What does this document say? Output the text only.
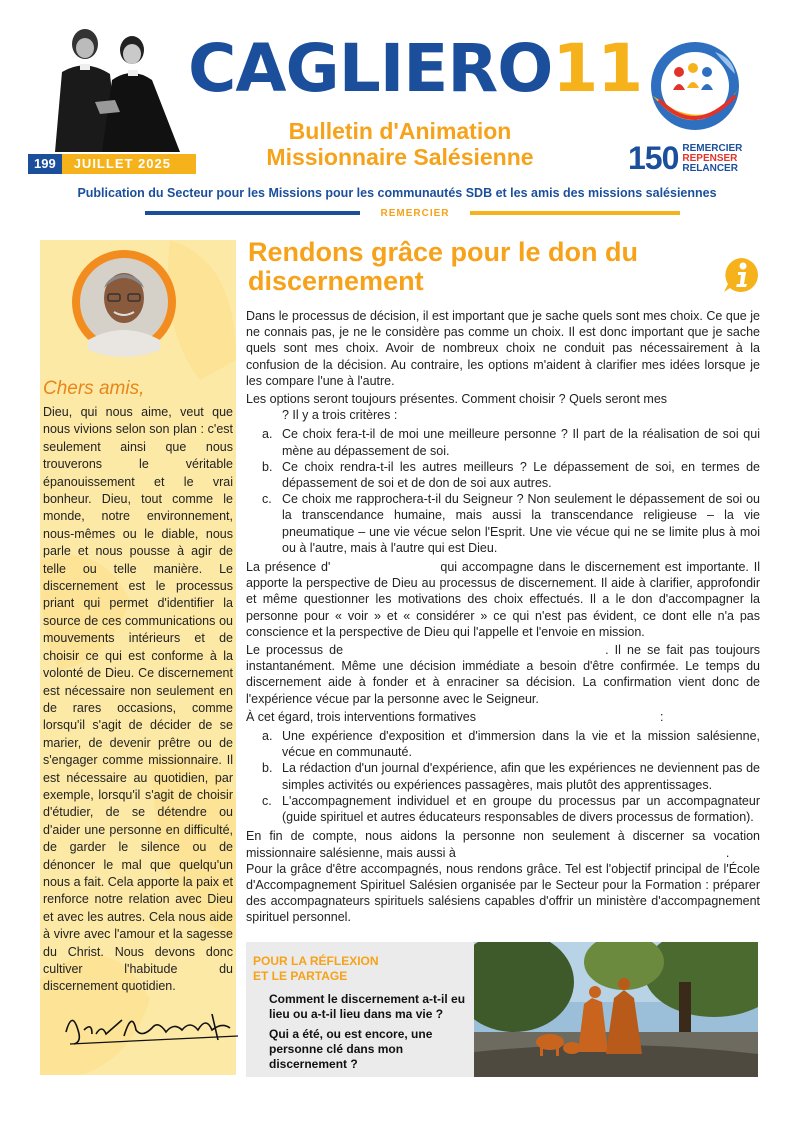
199	JUILLET 2025
CAGLIERO11
Bulletin d'Animation
Missionnaire Salésienne	150 REMERCIER
REPENSER
RELANCER
Publication du Secteur pour les Missions pour les communautés SDB et les amis des missions salésiennes
REMERCIER
Chers amis,
Dieu, qui nous aime, veut que nous vivions selon son plan : c'est seulement ainsi que nous trouverons le véritable épanouissement et le vrai bonheur. Dieu, tout comme le monde, notre environnement, nous-mêmes ou le diable, nous parle et nous pousse à agir de telle ou telle manière. Le discernement est le processus priant qui permet d'identifier la source de ces communications ou mouvements intérieurs et de choisir ce qui est conforme à la volonté de Dieu. Ce discernement est nécessaire non seulement en de rares occasions, comme lorsqu'il s'agit de décider de se marier, de devenir prêtre ou de s'engager comme missionnaire. Il est nécessaire au quotidien, par exemple, lorsqu'il s'agit de choisir d'étudier, de se détendre ou d'aider une personne en difficulté, de garder le silence ou de dénoncer le mal que quelqu'un nous a fait. Cela apporte la paix et renforce notre relation avec Dieu et avec les autres. Cela nous aide à vivre avec l'amour et la sagesse du Christ. Nous devons donc cultiver l'habitude du discernement quotidien.
Rendons grâce pour le don du discernement

Dans le processus de décision, il est important que je sache quels sont mes choix. Ce que je ne connais pas, je ne le considère pas comme un choix. Il est donc important que je sache quels sont mes choix. Avoir de nombreux choix ne conduit pas nécessairement à la confusion de la décision. Au contraire, les options m'aident à clarifier mes idées lorsque je les compare l'une à l'autre.

Les options seront toujours présentes. Comment choisir ? Quels seront mes
? Il y a trois critères :

a. Ce choix fera-t-il de moi une meilleure personne ? Il part de la réalisation de soi qui mène au dépassement de soi.
b. Ce choix rendra-t-il les autres meilleurs ? Le dépassement de soi, en termes de dépassement de soi et de don de soi aux autres.
c. Ce choix me rapprochera-t-il du Seigneur ? Non seulement le dépassement de soi ou la transcendance humaine, mais aussi la transcendance religieuse – la vie pneumatique – une vie vécue selon l'Esprit. Une vie vécue qui ne se limite plus à moi ou à l'autre, mais à l'autre qui est Dieu.

La présence d'	qui accompagne dans le discernement est importante. Il apporte la perspective de Dieu au processus de discernement. Il aide à clarifier, approfondir et même questionner les motivations des choix effectués. Il a le don d'accompagner la personne pour « voir » et « considérer » ce qui n'est pas évident, ce dont elle n'a pas conscience et la perspective de Dieu qui l'appelle et l'envoie en mission.

Le processus de	. Il ne se fait pas toujours instantanément. Même une décision immédiate a besoin d'être confirmée. Le temps du discernement aide à fonder et à enraciner sa décision. La confirmation vient donc de l'expérience vécue par la personne avec le Seigneur.

À cet égard, trois interventions formatives	:

a. Une expérience d'exposition et d'immersion dans la vie et la mission salésienne, vécue en communauté.
b. La rédaction d'un journal d'expérience, afin que les expériences ne deviennent pas de simples activités ou expériences passagères, mais plutôt des apprentissages.
c. L'accompagnement individuel et en groupe du processus par un accompagnateur (guide spirituel et autres éducateurs responsables de divers processus de formation).

En fin de compte, nous aidons la personne non seulement à discerner sa vocation missionnaire salésienne, mais aussi à	.
Pour la grâce d'être accompagnés, nous rendons grâce. Tel est l'objectif principal de l'École d'Accompagnement Spirituel Salésien organisée par le Secteur pour la Formation : préparer des accompagnateurs spirituels salésiens capables d'offrir un ministère d'accompagnement spirituel personnel.

POUR LA RÉFLEXION
ET LE PARTAGE
Comment le discernement a-t-il eu lieu ou a-t-il lieu dans ma vie ?
Qui a été, ou est encore, une personne clé dans mon discernement ?
